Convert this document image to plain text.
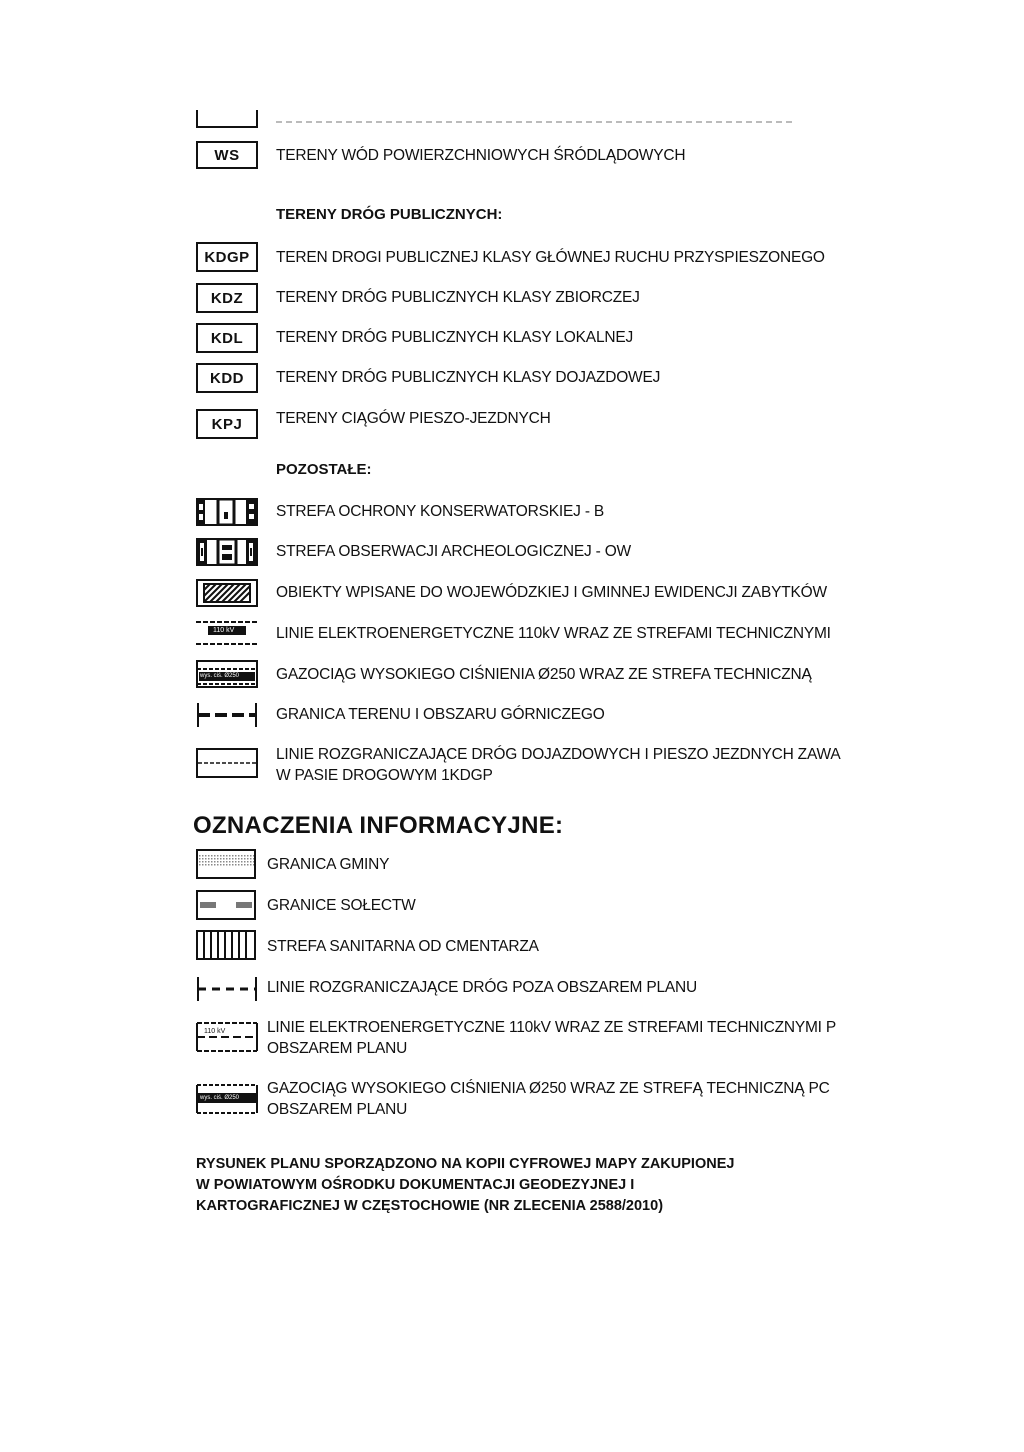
WS	TERENY WÓD POWIERZCHNIOWYCH ŚRÓDLĄDOWYCH
TERENY DRÓG PUBLICZNYCH:
KDGP	TEREN DROGI PUBLICZNEJ KLASY GŁÓWNEJ RUCHU PRZYSPIESZONEGO
KDZ	TERENY DRÓG PUBLICZNYCH KLASY ZBIORCZEJ
KDL	TERENY DRÓG PUBLICZNYCH KLASY LOKALNEJ
KDD	TERENY DRÓG PUBLICZNYCH KLASY DOJAZDOWEJ
KPJ	TERENY CIĄGÓW PIESZO-JEZDNYCH
POZOSTAŁE:
STREFA OCHRONY KONSERWATORSKIEJ - B
STREFA OBSERWACJI ARCHEOLOGICZNEJ - OW
OBIEKTY WPISANE DO WOJEWÓDZKIEJ I GMINNEJ EWIDENCJI ZABYTKÓW
110 kV	LINIE ELEKTROENERGETYCZNE 110kV WRAZ ZE STREFAMI TECHNICZNYMI
wys. ciś. Ø250 GAZOCIĄG WYSOKIEGO CIŚNIENIA Ø250 WRAZ ZE STREFA TECHNICZNĄ
GRANICA TERENU I OBSZARU GÓRNICZEGO
LINIE ROZGRANICZAJĄCE DRÓG DOJAZDOWYCH I PIESZO JEZDNYCH ZAWA
W PASIE DROGOWYM 1KDGP
OZNACZENIA INFORMACYJNE:
GRANICA GMINY
GRANICE SOŁECTW
STREFA SANITARNA OD CMENTARZA
LINIE ROZGRANICZAJĄCE DRÓG POZA OBSZAREM PLANU
110 kV	LINIE ELEKTROENERGETYCZNE 110kV WRAZ ZE STREFAMI TECHNICZNYMI P
OBSZAREM PLANU
wys. ciś. Ø250
GAZOCIĄG WYSOKIEGO CIŚNIENIA Ø250 WRAZ ZE STREFĄ TECHNICZNĄ PC
OBSZAREM PLANU
RYSUNEK PLANU SPORZĄDZONO NA KOPII CYFROWEJ MAPY ZAKUPIONEJ
W POWIATOWYM OŚRODKU DOKUMENTACJI GEODEZYJNEJ I
KARTOGRAFICZNEJ W CZĘSTOCHOWIE (NR ZLECENIA 2588/2010)
